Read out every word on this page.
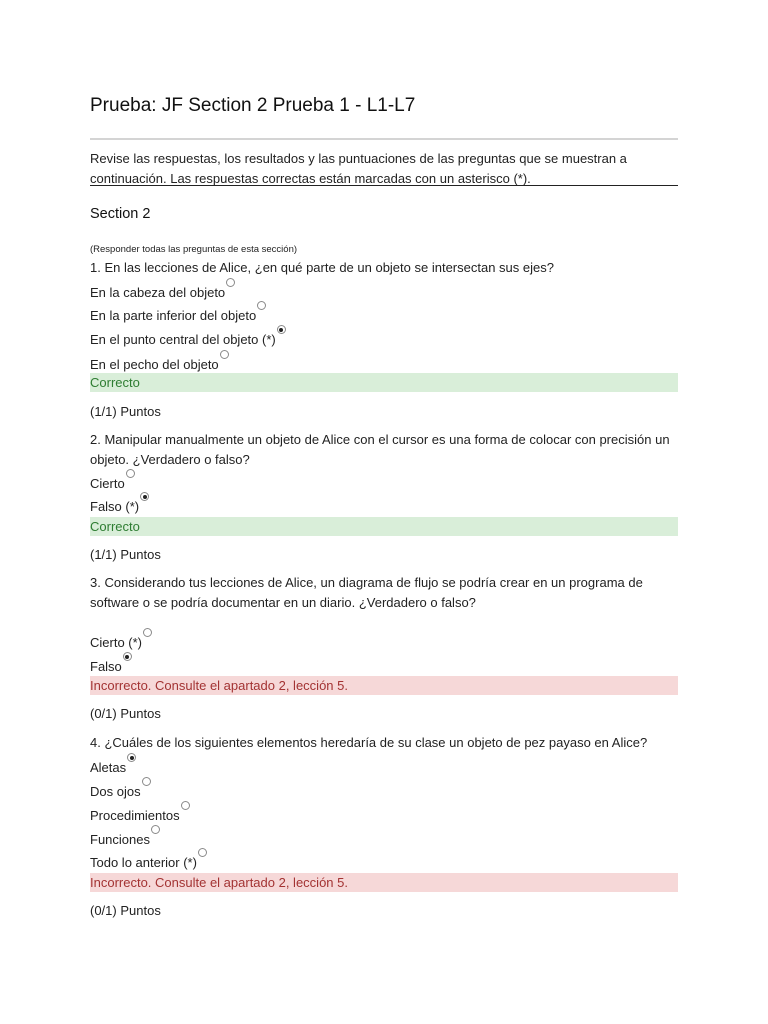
Prueba: JF Section 2 Prueba 1 - L1-L7
Revise las respuestas, los resultados y las puntuaciones de las preguntas que se muestran a continuación. Las respuestas correctas están marcadas con un asterisco (*).
Section 2
(Responder todas las preguntas de esta sección)
1. En las lecciones de Alice, ¿en qué parte de un objeto se intersectan sus ejes?
En la cabeza del objeto
En la parte inferior del objeto
En el punto central del objeto (*)
En el pecho del objeto
Correcto
(1/1) Puntos
2. Manipular manualmente un objeto de Alice con el cursor es una forma de colocar con precisión un objeto. ¿Verdadero o falso?
Cierto
Falso (*)
Correcto
(1/1) Puntos
3. Considerando tus lecciones de Alice, un diagrama de flujo se podría crear en un programa de software o se podría documentar en un diario. ¿Verdadero o falso?
Cierto (*)
Falso
Incorrecto. Consulte el apartado 2, lección 5.
(0/1) Puntos
4. ¿Cuáles de los siguientes elementos heredaría de su clase un objeto de pez payaso en Alice?
Aletas
Dos ojos
Procedimientos
Funciones
Todo lo anterior (*)
Incorrecto. Consulte el apartado 2, lección 5.
(0/1) Puntos
